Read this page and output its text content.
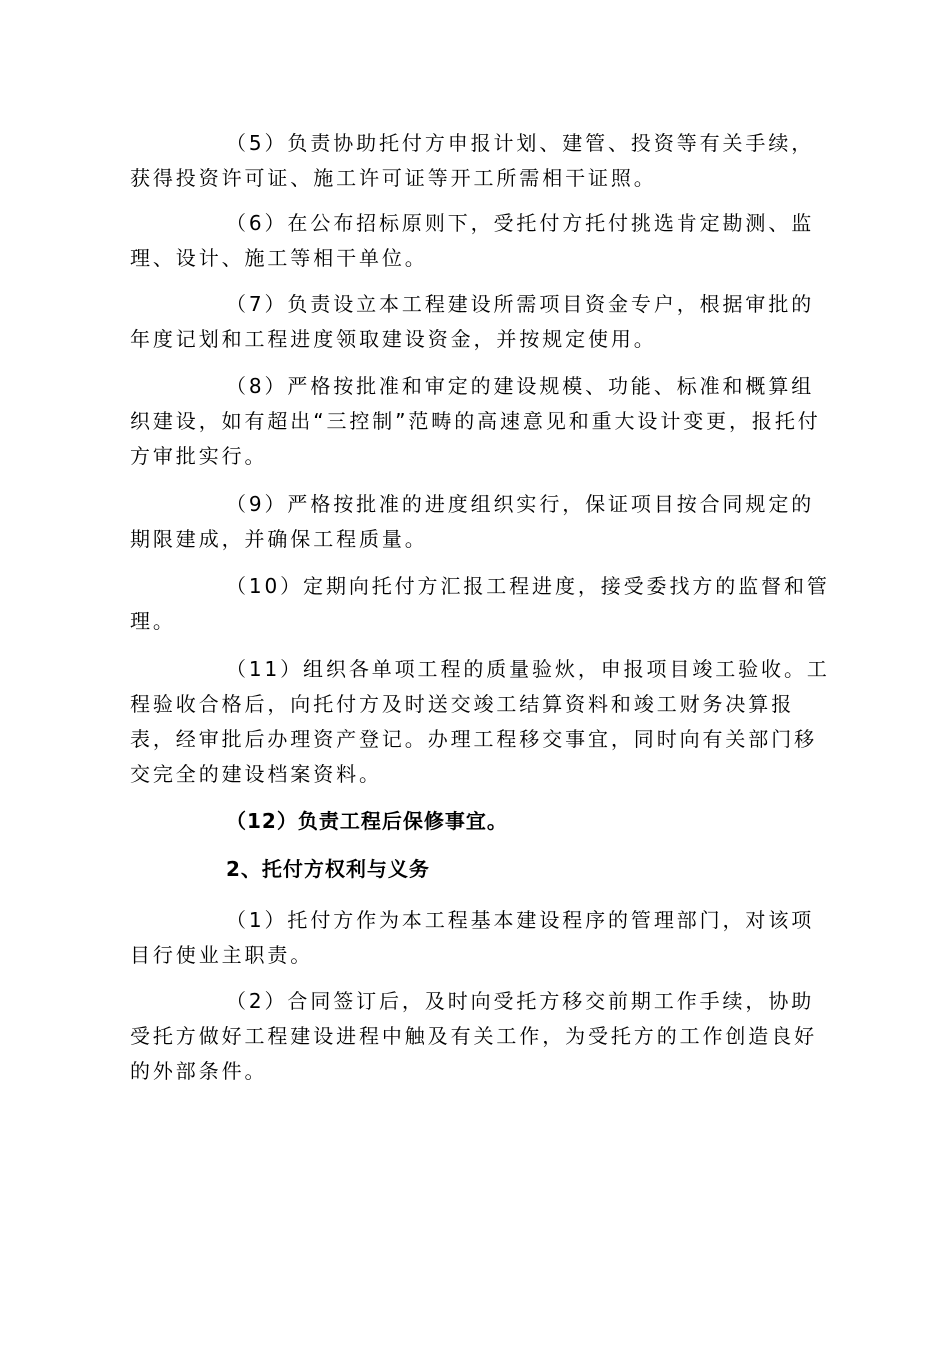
（5）负责协助托付方申报计划、建管、投资等有关手续，获得投资许可证、施工许可证等开工所需相干证照。

（6）在公布招标原则下，受托付方托付挑选肯定勘测、监理、设计、施工等相干单位。

（7）负责设立本工程建设所需项目资金专户，根据审批的年度记划和工程进度领取建设资金，并按规定使用。

（8）严格按批准和审定的建设规模、功能、标准和概算组织建设，如有超出“三控制”范畴的高速意见和重大设计变更，报托付方审批实行。

（9）严格按批准的进度组织实行，保证项目按合同规定的期限建成，并确保工程质量。

（10）定期向托付方汇报工程进度，接受委找方的监督和管理。

（11）组织各单项工程的质量验炏，申报项目竣工验收。工程验收合格后，向托付方及时送交竣工结算资料和竣工财务决算报表，经审批后办理资产登记。办理工程移交事宜，同时向有关部门移交完全的建设档案资料。

（12）负责工程后保修事宜。

2、托付方权利与义务

（1）托付方作为本工程基本建设程序的管理部门，对该项目行使业主职责。

（2）合同签订后，及时向受托方移交前期工作手续，协助受托方做好工程建设进程中触及有关工作，为受托方的工作创造良好的外部条件。
